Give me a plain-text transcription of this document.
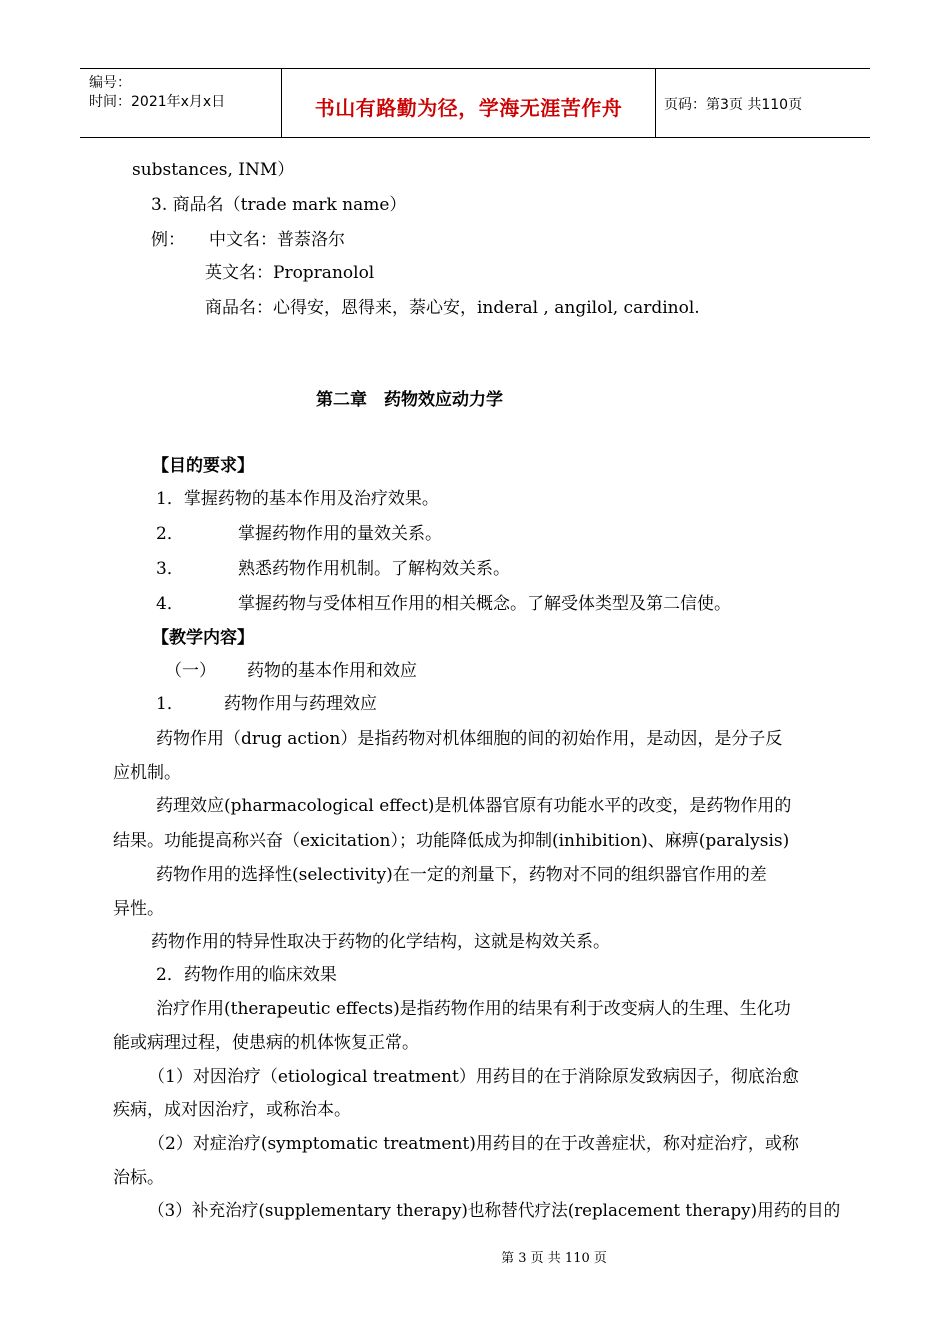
编号：
时间：2021年x月x日	书山有路勤为径，学海无涯苦作舟	页码：第3页 共110页
substances, INM）
3. 商品名（trade mark name）
例： 中文名：普萘洛尔
英文名：Propranolol
商品名：心得安，恩得来，萘心安，inderal , angilol, cardinol.
第二章　药物效应动力学
【目的要求】
1．掌握药物的基本作用及治疗效果。
2．	掌握药物作用的量效关系。
3．	熟悉药物作用机制。了解构效关系。
4．	掌握药物与受体相互作用的相关概念。了解受体类型及第二信使。
【教学内容】
（一） 药物的基本作用和效应
1． 药物作用与药理效应
药物作用（drug action）是指药物对机体细胞的间的初始作用，是动因，是分子反
应机制。
药理效应(pharmacological effect)是机体器官原有功能水平的改变，是药物作用的
结果。功能提高称兴奋（exicitation）；功能降低成为抑制(inhibition)、麻痹(paralysis)
药物作用的选择性(selectivity)在一定的剂量下，药物对不同的组织器官作用的差
异性。
药物作用的特异性取决于药物的化学结构，这就是构效关系。
2．药物作用的临床效果
治疗作用(therapeutic effects)是指药物作用的结果有利于改变病人的生理、生化功
能或病理过程，使患病的机体恢复正常。
（1）对因治疗（etiological treatment）用药目的在于消除原发致病因子，彻底治愈
疾病，成对因治疗，或称治本。
（2）对症治疗(symptomatic treatment)用药目的在于改善症状，称对症治疗，或称
治标。
（3）补充治疗(supplementary therapy)也称替代疗法(replacement therapy)用药的目的
第 3 页 共 110 页
